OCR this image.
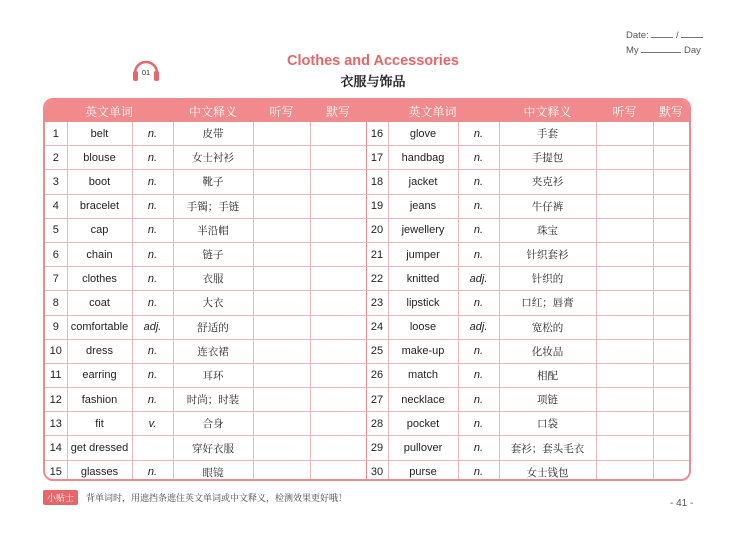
Date:	/
My	Day
01
Clothes and Accessories
衣服与饰品
英文单词			中文释义	听写	默写	英文单词			中文释义	听写	默写
1	belt	n.	皮带			16	glove	n.	手套		
2	blouse	n.	女士衬衫			17	handbag	n.	手提包		
3	boot	n.	靴子			18	jacket	n.	夹克衫		
4	bracelet	n.	手镯；手链			19	jeans	n.	牛仔裤		
5	cap	n.	半沿帽			20	jewellery	n.	珠宝		
6	chain	n.	链子			21	jumper	n.	针织套衫		
7	clothes	n.	衣服			22	knitted	adj.	针织的		
8	coat	n.	大衣			23	lipstick	n.	口红；唇膏		
9	comfortable	adj.	舒适的			24	loose	adj.	宽松的		
10	dress	n.	连衣裙			25	make-up	n.	化妆品		
11	earring	n.	耳环			26	match	n.	相配		
12	fashion	n.	时尚；时装			27	necklace	n.	项链		
13	fit	v.	合身			28	pocket	n.	口袋		
14	get dressed		穿好衣服			29	pullover	n.	套衫；套头毛衣		
15	glasses	n.	眼镜			30	purse	n.	女士钱包		
小贴士	背单词时，用遮挡条遮住英文单词或中文释义，检测效果更好哦！	- 41 -
